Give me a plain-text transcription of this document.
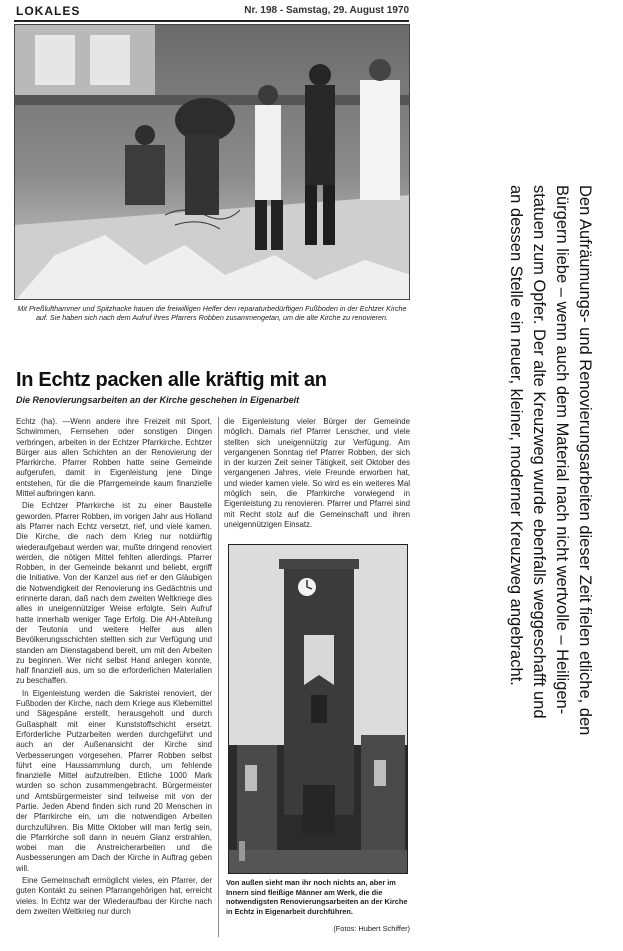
LOKALES	Nr. 198 - Samstag, 29. August 1970
Mit Preßlufthammer und Spitzhacke hauen die freiwilligen Helfer den reparaturbedürftigen Fußboden in der Echtzer Kirche auf. Sie haben sich nach dem Aufruf ihres Pfarrers Robben zusammengetan, um die alte Kirche zu renovieren.
In Echtz packen alle kräftig mit an
Die Renovierungsarbeiten an der Kirche geschehen in Eigenarbeit

Echtz (ha). —Wenn andere ihre Freizeit mit Sport, Schwimmen, Fernsehen oder sonstigen Dingen verbringen, arbeiten in der Echtzer Pfarrkirche. Echtzer Bürger aus allen Schichten an der Renovierung der Pfarrkirche. Pfarrer Robben hatte seine Gemeinde aufgerufen, damit in Eigenleistung jene Dinge entstehen, für die die Pfarrgemeinde kaum finanzielle Mittel aufbringen kann.

Die Echtzer Pfarrkirche ist zu einer Baustelle geworden. Pfarrer Robben, im vorigen Jahr aus Holland als Pfarrer nach Echtz versetzt, rief, und viele kamen. Die Kirche, die nach dem Krieg nur notdürftig wiederaufgebaut werden war, mußte dringend renoviert werden, die nötigen Mittel fehlten allerdings. Pfarrer Robben, in der Gemeinde bekannt und beliebt, ergriff die Initiative. Von der Kanzel aus rief er den Gläubigen die Notwendigkeit der Renovierung ins Gedächtnis und erinnerte daran, daß nach dem zweiten Weltkriege dies alles in uneigennütziger Weise erfolgte. Sein Aufruf hatte innerhalb weniger Tage Erfolg. Die AH-Abteilung der Teutonia und weitere Helfer aus allen Bevölkerungsschichten stellten sich zur Verfügung und standen am Dienstagabend bereit, um mit den Arbeiten zu beginnen. Wer nicht selbst Hand anlegen konnte, half finanziell aus, um so die erforderlichen Materialien zu beschaffen.

In Eigenleistung werden die Sakristei renoviert, der Fußboden der Kirche, nach dem Kriege aus Klebemittel und Sägespäne erstellt, herausgeholt und durch Gußasphalt mit einer Kunststoffschicht ersetzt. Erforderliche Putzarbeiten werden durchgeführt und auch an der Außenansicht der Kirche sind Verbesserungen vorgesehen. Pfarrer Robben selbst führt eine Haussammlung durch, um fehlende finanzielle Mittel aufzutreiben. Etliche 1000 Mark wurden so schon zusammengebracht. Bürgermeister und Amtsbürgermeister sind teilweise mit von der Partie. Jeden Abend finden sich rund 20 Menschen in der Pfarrkirche ein, um die notwendigen Arbeiten durchzuführen. Bis Mitte Oktober will man fertig sein, die Pfarrkirche soll dann in neuem Glanz erstrahlen, wobei man die Anstreicherarbeiten und die Ausbesserungen am Dach der Kirche in Auftrag geben will.

Eine Gemeinschaft ermöglicht vieles, ein Pfarrer, der guten Kontakt zu seinen Pfarrangehörigen hat, erreicht vieles. In Echtz war der Wiederaufbau der Kirche nach dem zweiten Weltkrieg nur durch

die Eigenleistung vieler Bürger der Gemeinde möglich. Damals rief Pfarrer Lenscher, und viele stellten sich uneigennützig zur Verfügung. Am vergangenen Sonntag rief Pfarrer Robben, der sich in der kurzen Zeit seiner Tätigkeit, seit Oktober des vergangenen Jahres, viele Freunde erworben hat, und wieder kamen viele. So wird es ein weiteres Mal möglich sein, die Pfarrkirche vorwiegend in Eigenleistung zu renovieren. Pfarrer und Pfarrei sind mit Recht stolz auf die Gemeinschaft und ihren uneigennützigen Einsatz.
Von außen sieht man ihr noch nichts an, aber im Innern sind fleißige Männer am Werk, die die notwendigsten Renovierungsarbeiten an der Kirche in Echtz in Eigenarbeit durchführen.
(Fotos: Hubert Schiffer)
Den Aufräumungs- und Renovierungsarbeiten dieser Zeit fielen etliche, den
Bürgern liebe – wenn auch dem Material nach nicht wertvolle – Heiligen-
statuen zum Opfer. Der alte Kreuzweg wurde ebenfalls weggeschafft und
an dessen Stelle ein neuer, kleiner, moderner Kreuzweg angebracht.
